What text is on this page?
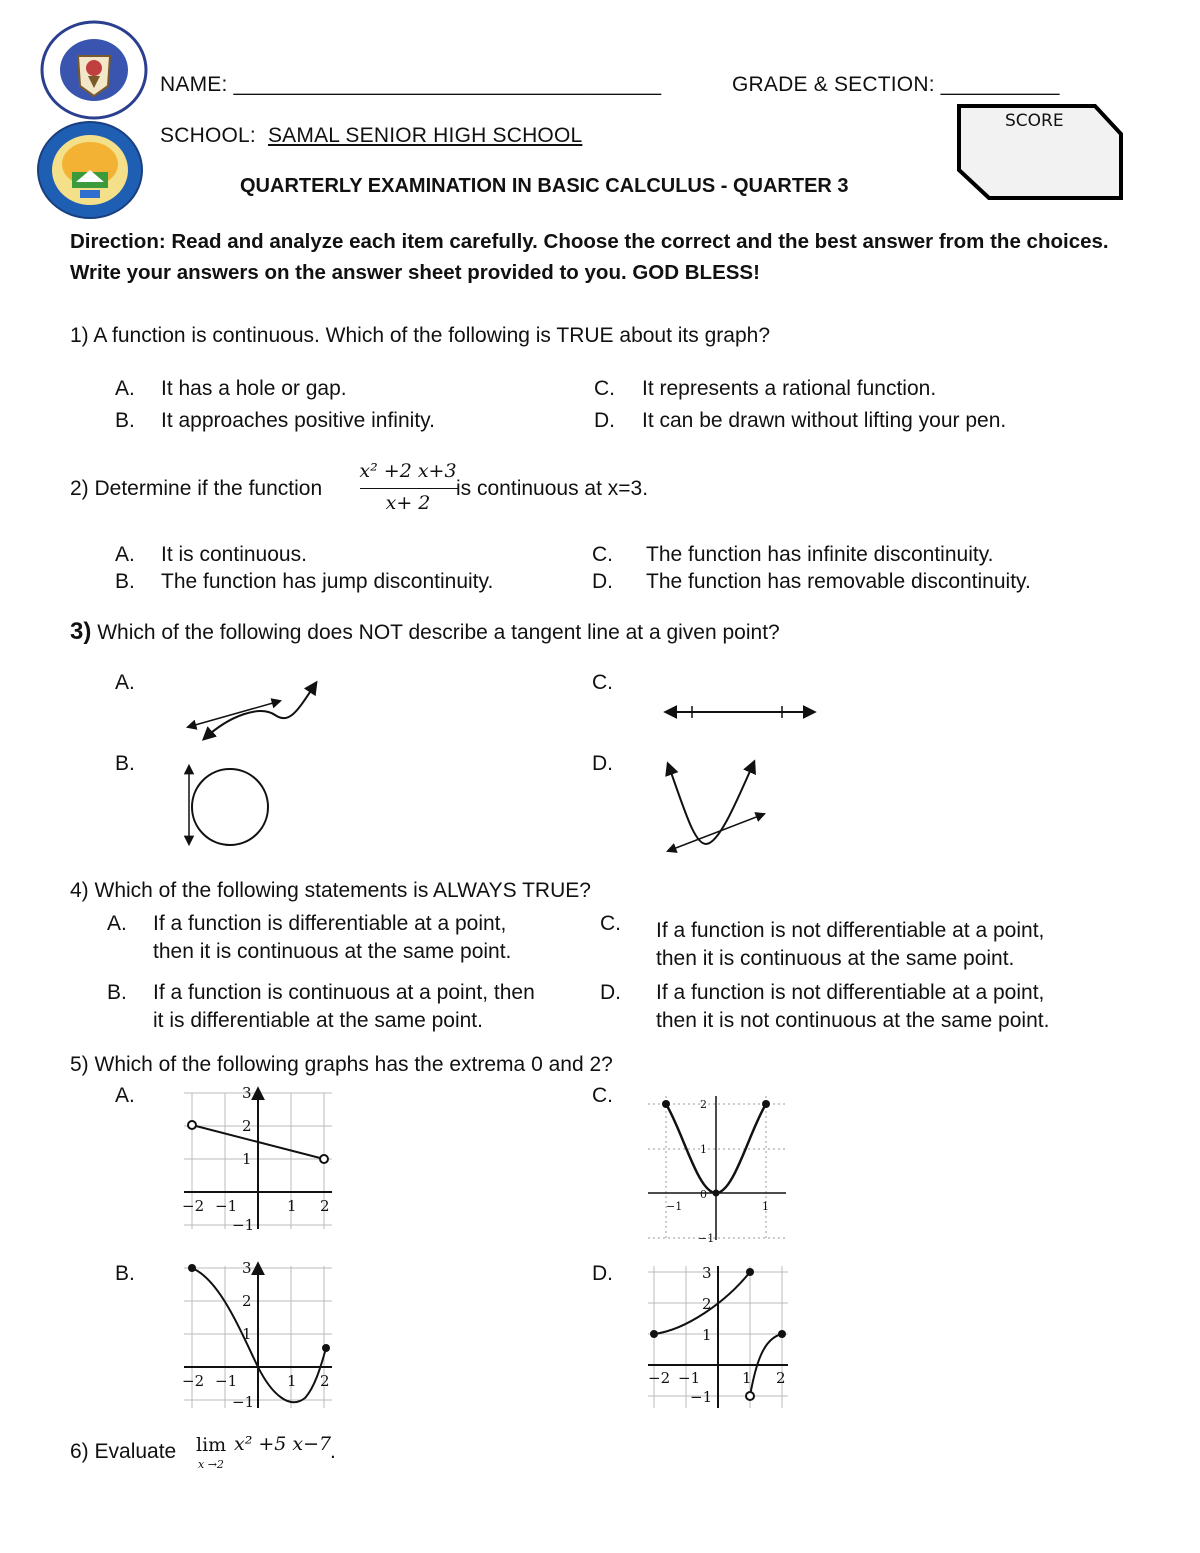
NAME: ____________________________________	GRADE & SECTION: __________
SCHOOL: SAMAL SENIOR HIGH SCHOOL
QUARTERLY EXAMINATION IN BASIC CALCULUS - QUARTER 3
SCORE
Direction: Read and analyze each item carefully. Choose the correct and the best answer from the choices. Write your answers on the answer sheet provided to you. GOD BLESS!
1) A function is continuous. Which of the following is TRUE about its graph?
A. It has a hole or gap.
B. It approaches positive infinity.
C. It represents a rational function.
D. It can be drawn without lifting your pen.
2) Determine if the function
x² +2 x+3
x+ 2
is continuous at x=3.
A. It is continuous.
B. The function has jump discontinuity.
C. The function has infinite discontinuity.
D. The function has removable discontinuity.
3) Which of the following does NOT describe a tangent line at a given point?
A.
B.
C.
D.
4) Which of the following statements is ALWAYS TRUE?
A. If a function is differentiable at a point,
then it is continuous at the same point.
B. If a function is continuous at a point, then
it is differentiable at the same point.
C. If a function is not differentiable at a point,
then it is continuous at the same point.
D. If a function is not differentiable at a point,
then it is not continuous at the same point.
5) Which of the following graphs has the extrema 0 and 2?
A.
B.
C.
D.
3
2
1
−2 −1	1 2
−1
3
2
1
−2 −1	1 2
−1
2
1
0
−1	1
−1
3
2
1
−2 −1	1 2
−1
6) Evaluate lim
x →2
x² +5 x−7
.
